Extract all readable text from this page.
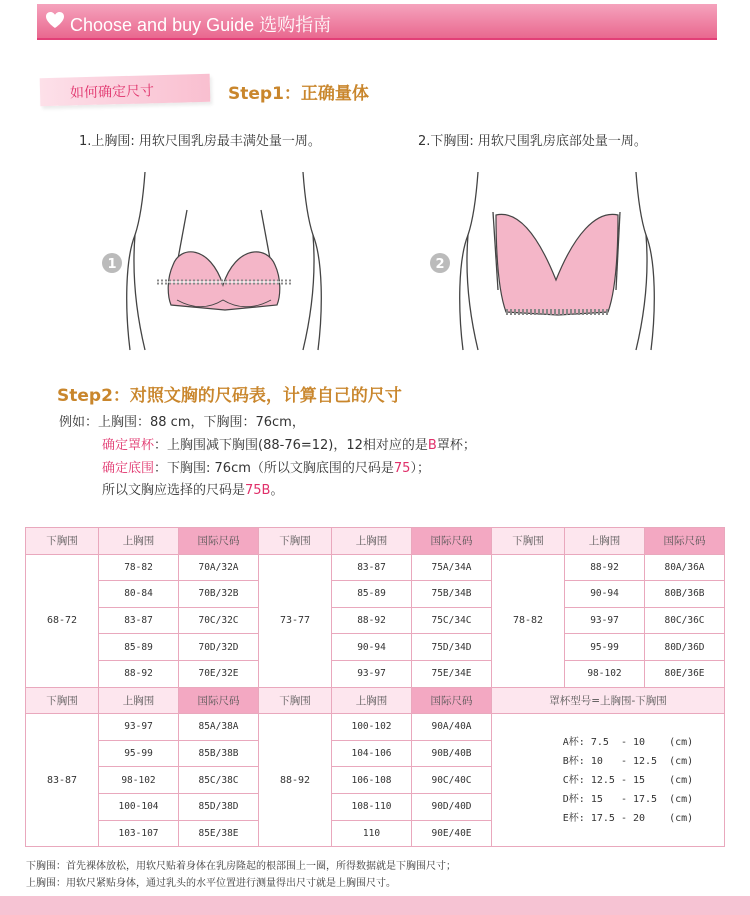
Choose and buy Guide 选购指南
如何确定尺寸	Step1：正确量体
1.上胸围: 用软尺围乳房最丰满处量一周。	2.下胸围: 用软尺围乳房底部处量一周。
1	2
Step2：对照文胸的尺码表，计算自己的尺寸
例如：上胸围：88 cm，下胸围：76cm，
确定罩杯：上胸围减下胸围(88-76=12)，12相对应的是B罩杯；
确定底围：下胸围: 76cm（所以文胸底围的尺码是75）；
所以文胸应选择的尺码是75B。
下胸围	上胸围	国际尺码	下胸围	上胸围	国际尺码	下胸围	上胸围	国际尺码
68-72	78-82	70A/32A	73-77	83-87	75A/34A	78-82	88-92	80A/36A
	80-84	70B/32B		85-89	75B/34B		90-94	80B/36B
	83-87	70C/32C		88-92	75C/34C		93-97	80C/36C
	85-89	70D/32D		90-94	75D/34D		95-99	80D/36D
	88-92	70E/32E		93-97	75E/34E		98-102	80E/36E
下胸围	上胸围	国际尺码	下胸围	上胸围	国际尺码	罩杯型号=上胸围-下胸围		
83-87	93-97	85A/38A	88-92	100-102	90A/40A	A杯: 7.5  - 10    (cm)
B杯: 10   - 12.5  (cm)
C杯: 12.5 - 15    (cm)
D杯: 15   - 17.5  (cm)
E杯: 17.5 - 20    (cm)		

	95-99	85B/38B		104-106	90B/40B			
	98-102	85C/38C		106-108	90C/40C			
	100-104	85D/38D		108-110	90D/40D			
	103-107	85E/38E		110	90E/40E			
下胸围：首先裸体放松，用软尺贴着身体在乳房隆起的根部围上一圈，所得数据就是下胸围尺寸；
上胸围：用软尺紧贴身体，通过乳头的水平位置进行测量得出尺寸就是上胸围尺寸。
